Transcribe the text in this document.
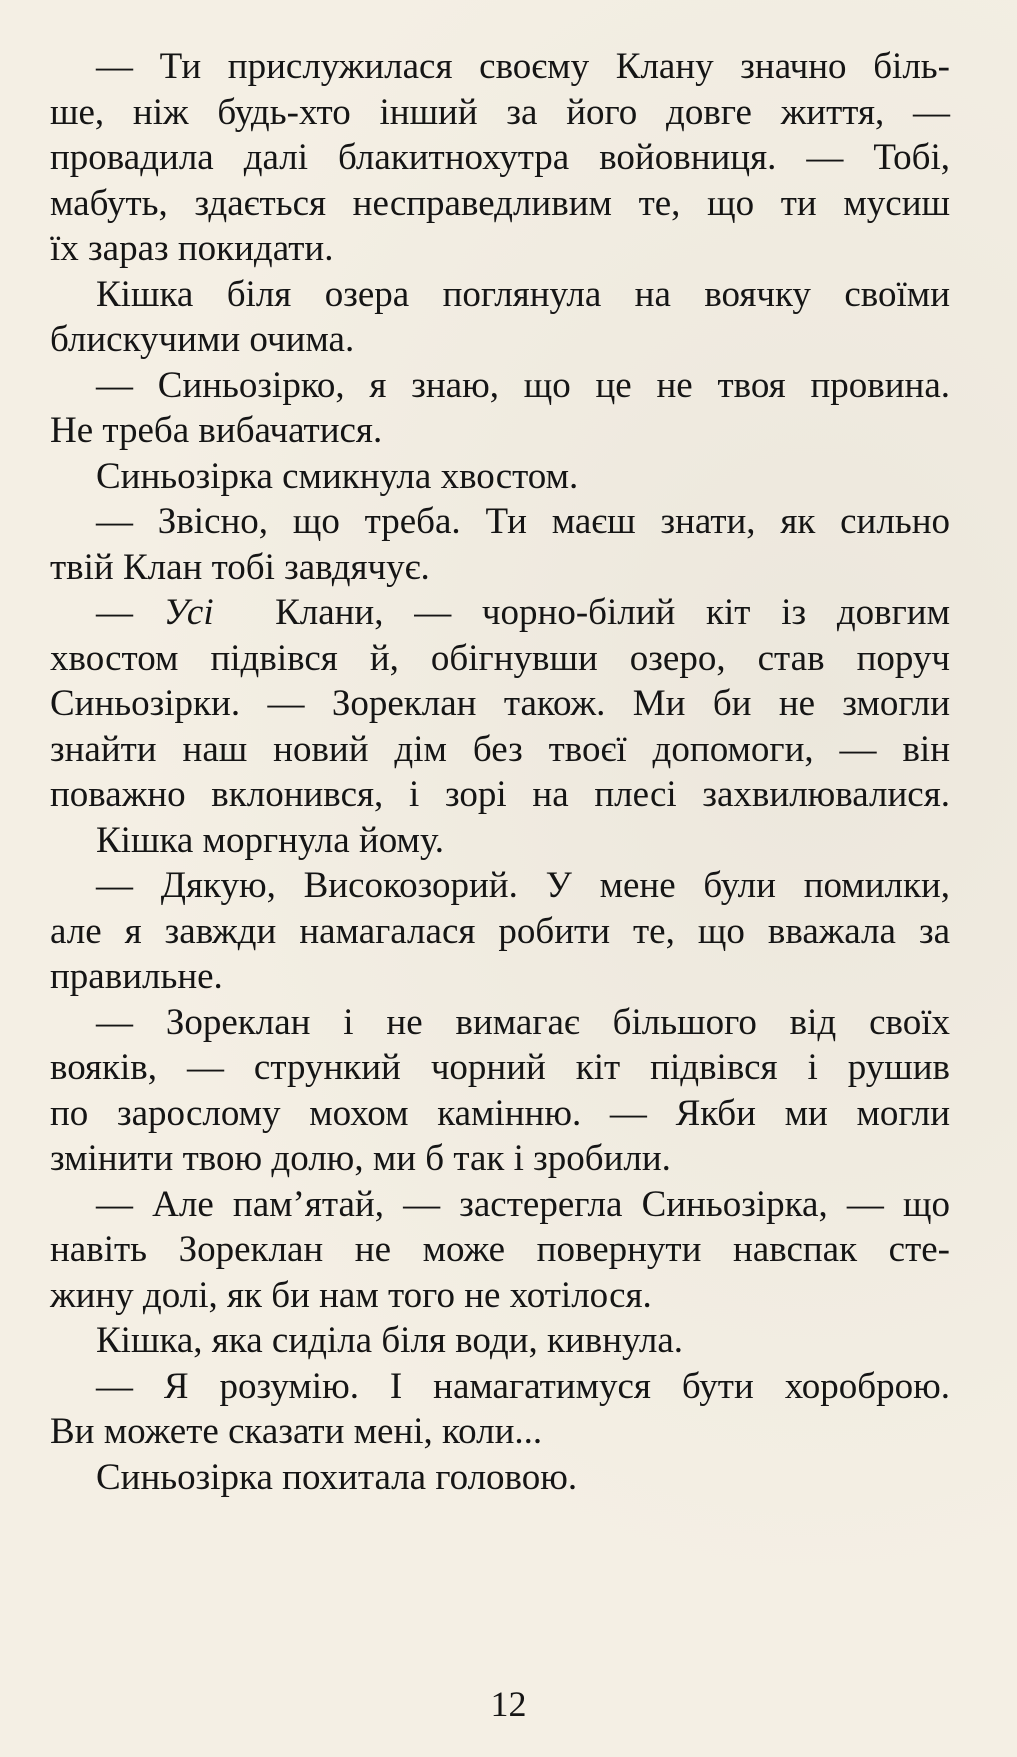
— Ти прислужилася своєму Клану значно біль-
ше, ніж будь-хто інший за його довге життя, —
провадила далі блакитнохутра войовниця. — Тобі,
мабуть, здається несправедливим те, що ти мусиш
їх зараз покидати.
Кішка біля озера поглянула на воячку своїми
блискучими очима.
— Синьозірко, я знаю, що це не твоя провина.
Не треба вибачатися.
Синьозірка смикнула хвостом.
— Звісно, що треба. Ти маєш знати, як сильно
твій Клан тобі завдячує.
— Усі Клани, — чорно-білий кіт із довгим
хвостом підвівся й, обігнувши озеро, став поруч
Синьозірки. — Зореклан також. Ми би не змогли
знайти наш новий дім без твоєї допомоги, — він
поважно вклонився, і зорі на плесі захвилювалися.
Кішка моргнула йому.
— Дякую, Високозорий. У мене були помилки,
але я завжди намагалася робити те, що вважала за
правильне.
— Зореклан і не вимагає більшого від своїх
вояків, — стрункий чорний кіт підвівся і рушив
по зарослому мохом камінню. — Якби ми могли
змінити твою долю, ми б так і зробили.
— Але пам’ятай, — застерегла Синьозірка, — що
навіть Зореклан не може повернути навспак сте-
жину долі, як би нам того не хотілося.
Кішка, яка сиділа біля води, кивнула.
— Я розумію. І намагатимуся бути хороброю.
Ви можете сказати мені, коли...
Синьозірка похитала головою.
12
